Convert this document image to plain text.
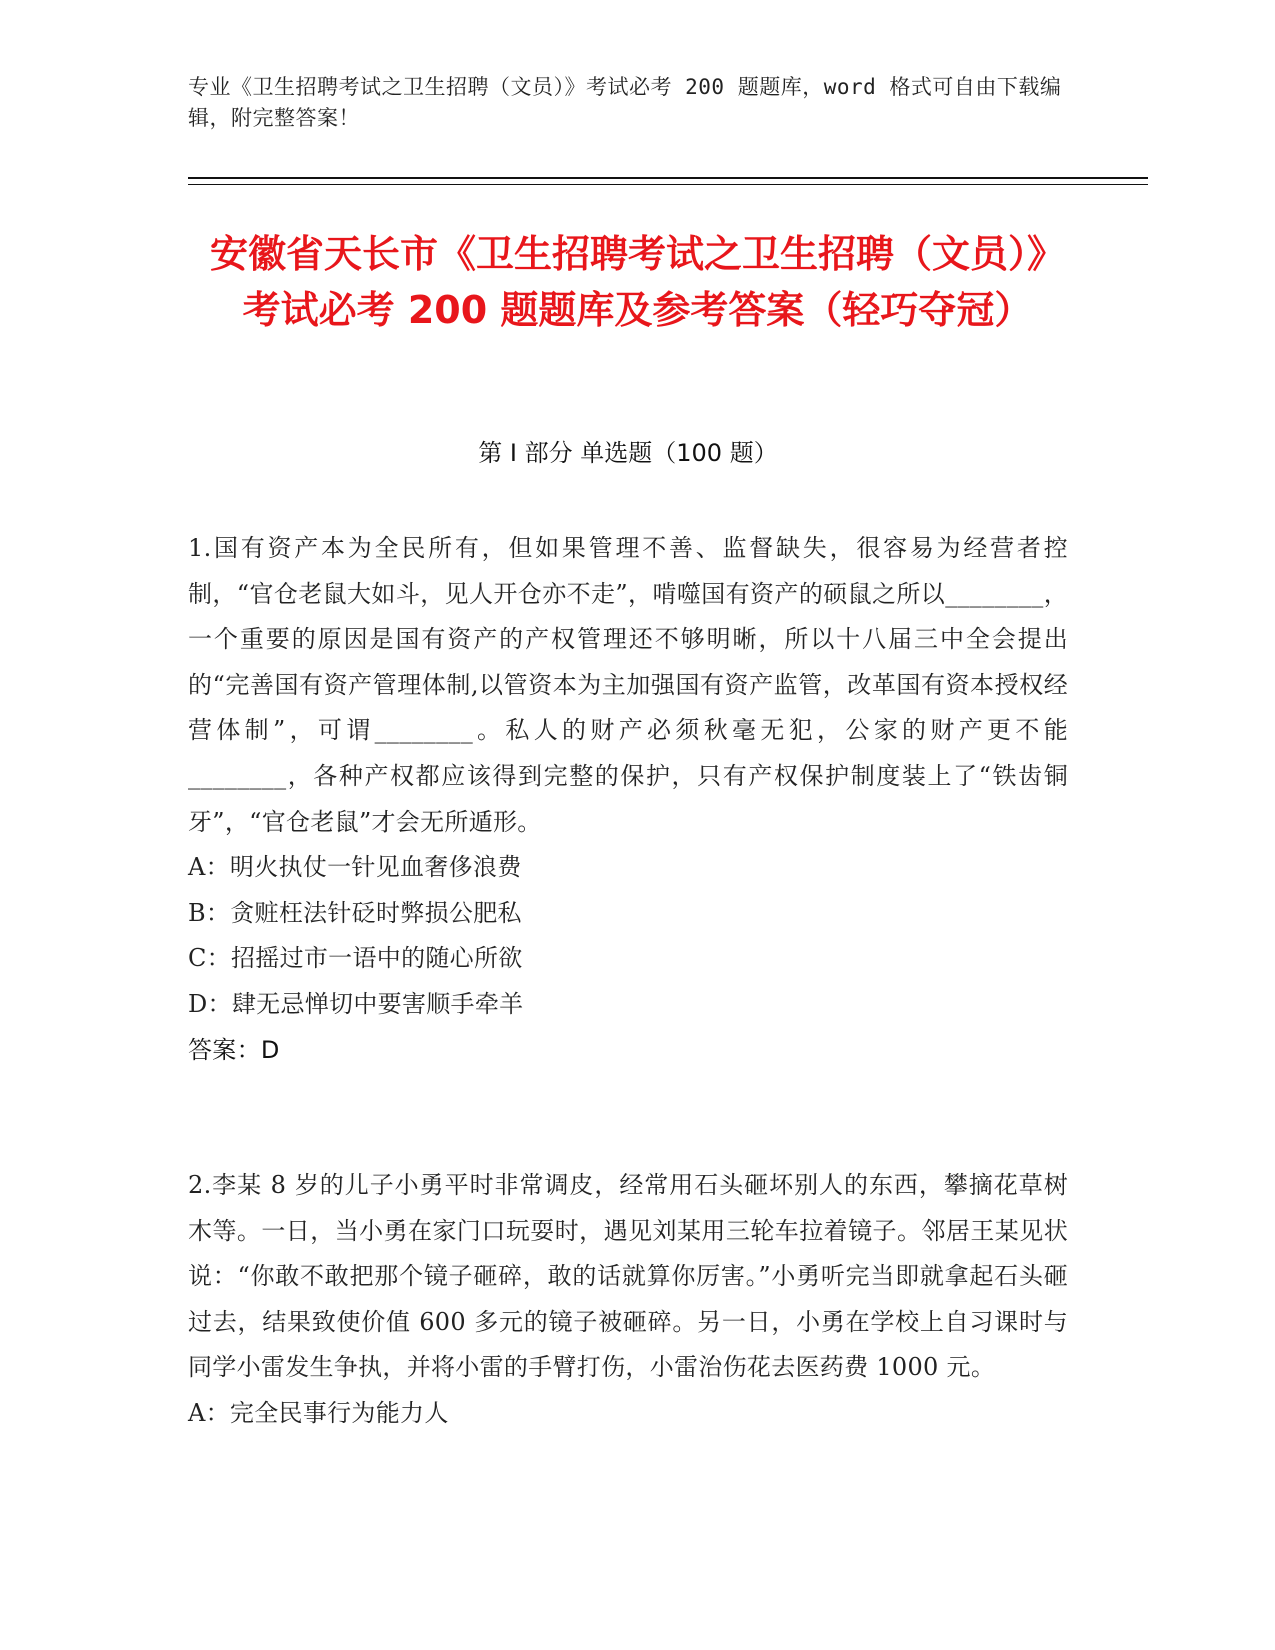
专业《卫生招聘考试之卫生招聘（文员）》考试必考 200 题题库，word 格式可自由下载编辑，附完整答案！
安徽省天长市《卫生招聘考试之卫生招聘（文员）》考试必考 200 题题库及参考答案（轻巧夺冠）
第 I 部分 单选题（100 题）

1.国有资产本为全民所有，但如果管理不善、监督缺失，很容易为经营者控制，“官仓老鼠大如斗，见人开仓亦不走”，啃噬国有资产的硕鼠之所以________，一个重要的原因是国有资产的产权管理还不够明晰，所以十八届三中全会提出的“完善国有资产管理体制,以管资本为主加强国有资产监管，改革国有资本授权经营体制”，可谓________。私人的财产必须秋毫无犯，公家的财产更不能________，各种产权都应该得到完整的保护，只有产权保护制度装上了“铁齿铜牙”，“官仓老鼠”才会无所遁形。

A：明火执仗一针见血奢侈浪费

B：贪赃枉法针砭时弊损公肥私

C：招摇过市一语中的随心所欲

D：肆无忌惮切中要害顺手牵羊

答案：D

2.李某 8 岁的儿子小勇平时非常调皮，经常用石头砸坏别人的东西，攀摘花草树木等。一日，当小勇在家门口玩耍时，遇见刘某用三轮车拉着镜子。邻居王某见状说：“你敢不敢把那个镜子砸碎，敢的话就算你厉害。”小勇听完当即就拿起石头砸过去，结果致使价值 600 多元的镜子被砸碎。另一日，小勇在学校上自习课时与同学小雷发生争执，并将小雷的手臂打伤，小雷治伤花去医药费 1000 元。

A：完全民事行为能力人
